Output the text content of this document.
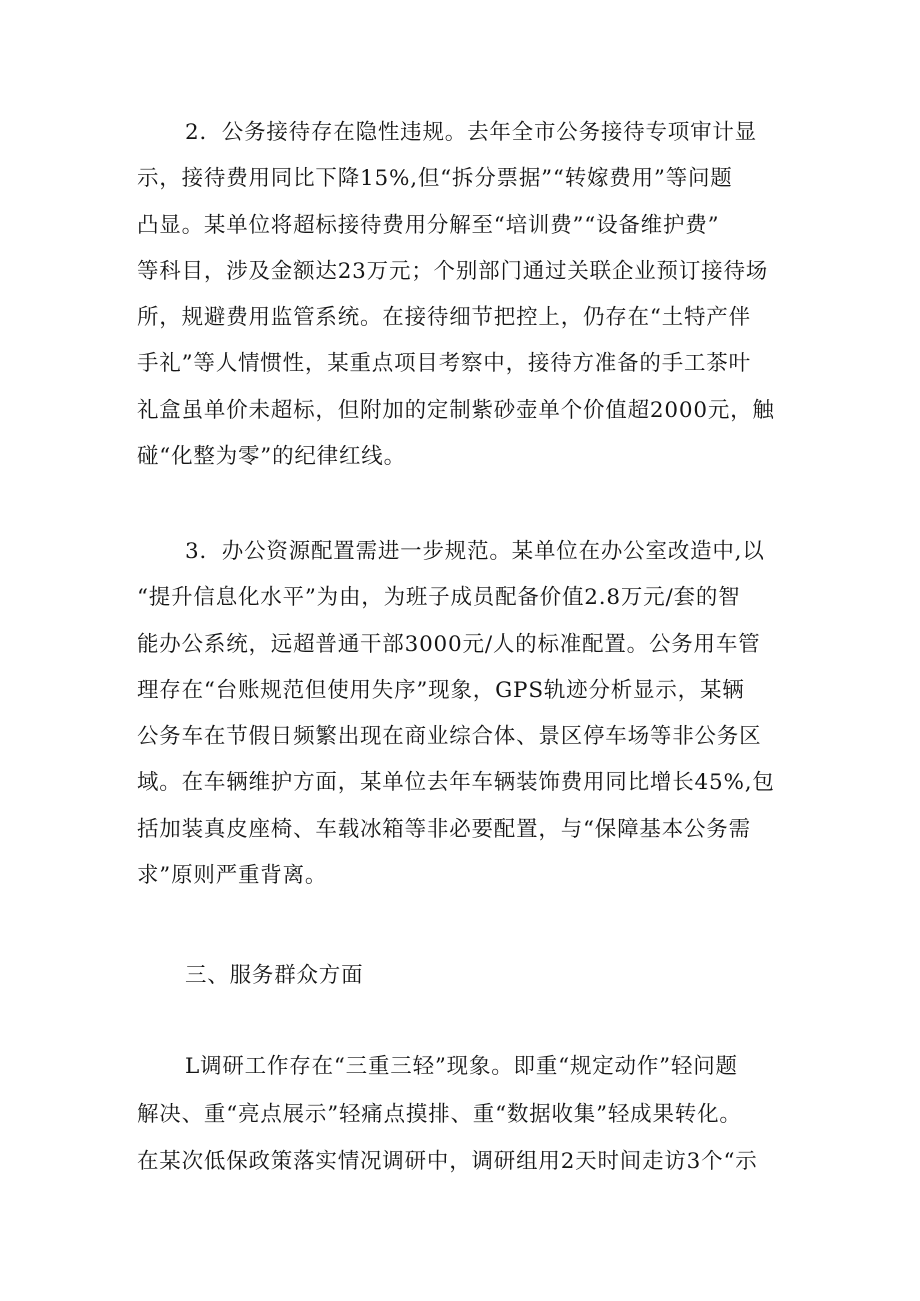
2．公务接待存在隐性违规。去年全市公务接待专项审计显
示，接待费用同比下降15%,但“拆分票据”“转嫁费用”等问题
凸显。某单位将超标接待费用分解至“培训费”“设备维护费”
等科目，涉及金额达23万元；个别部门通过关联企业预订接待场
所，规避费用监管系统。在接待细节把控上，仍存在“土特产伴
手礼”等人情惯性，某重点项目考察中，接待方准备的手工茶叶
礼盒虽单价未超标，但附加的定制紫砂壶单个价值超2000元，触
碰“化整为零”的纪律红线。
3．办公资源配置需进一步规范。某单位在办公室改造中,以
“提升信息化水平”为由，为班子成员配备价值2.8万元/套的智
能办公系统，远超普通干部3000元/人的标准配置。公务用车管
理存在“台账规范但使用失序”现象，GPS轨迹分析显示，某辆
公务车在节假日频繁出现在商业综合体、景区停车场等非公务区
域。在车辆维护方面，某单位去年车辆装饰费用同比增长45%,包
括加装真皮座椅、车载冰箱等非必要配置，与“保障基本公务需
求”原则严重背离。
三、服务群众方面
L调研工作存在“三重三轻”现象。即重“规定动作”轻问题
解决、重“亮点展示”轻痛点摸排、重“数据收集”轻成果转化。
在某次低保政策落实情况调研中，调研组用2天时间走访3个“示
